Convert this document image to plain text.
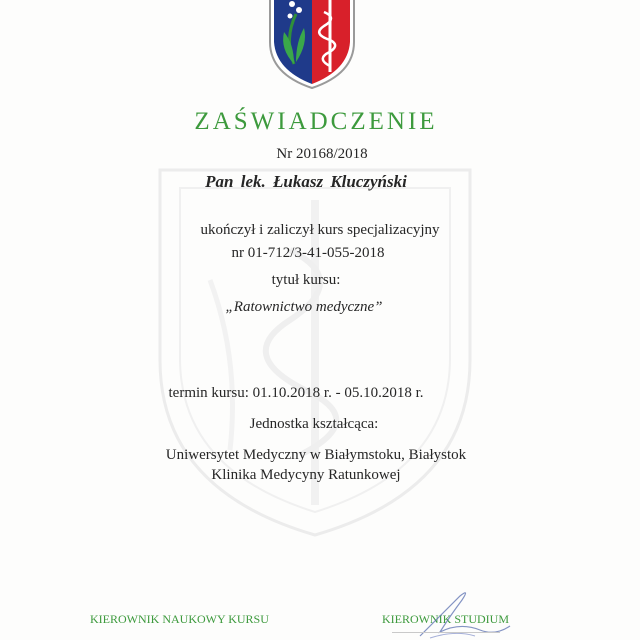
ZAŚWIADCZENIE
Nr 20168/2018
Pan lek. Łukasz Kluczyński
ukończył i zaliczył kurs specjalizacyjny
nr 01-712/3-41-055-2018
tytuł kursu:
„Ratownictwo medyczne”
termin kursu: 01.10.2018 r. - 05.10.2018 r.
Jednostka kształcąca:
Uniwersytet Medyczny w Białymstoku, Białystok
Klinika Medycyny Ratunkowej
KIEROWNIK NAUKOWY KURSU	KIEROWNIK STUDIUM
